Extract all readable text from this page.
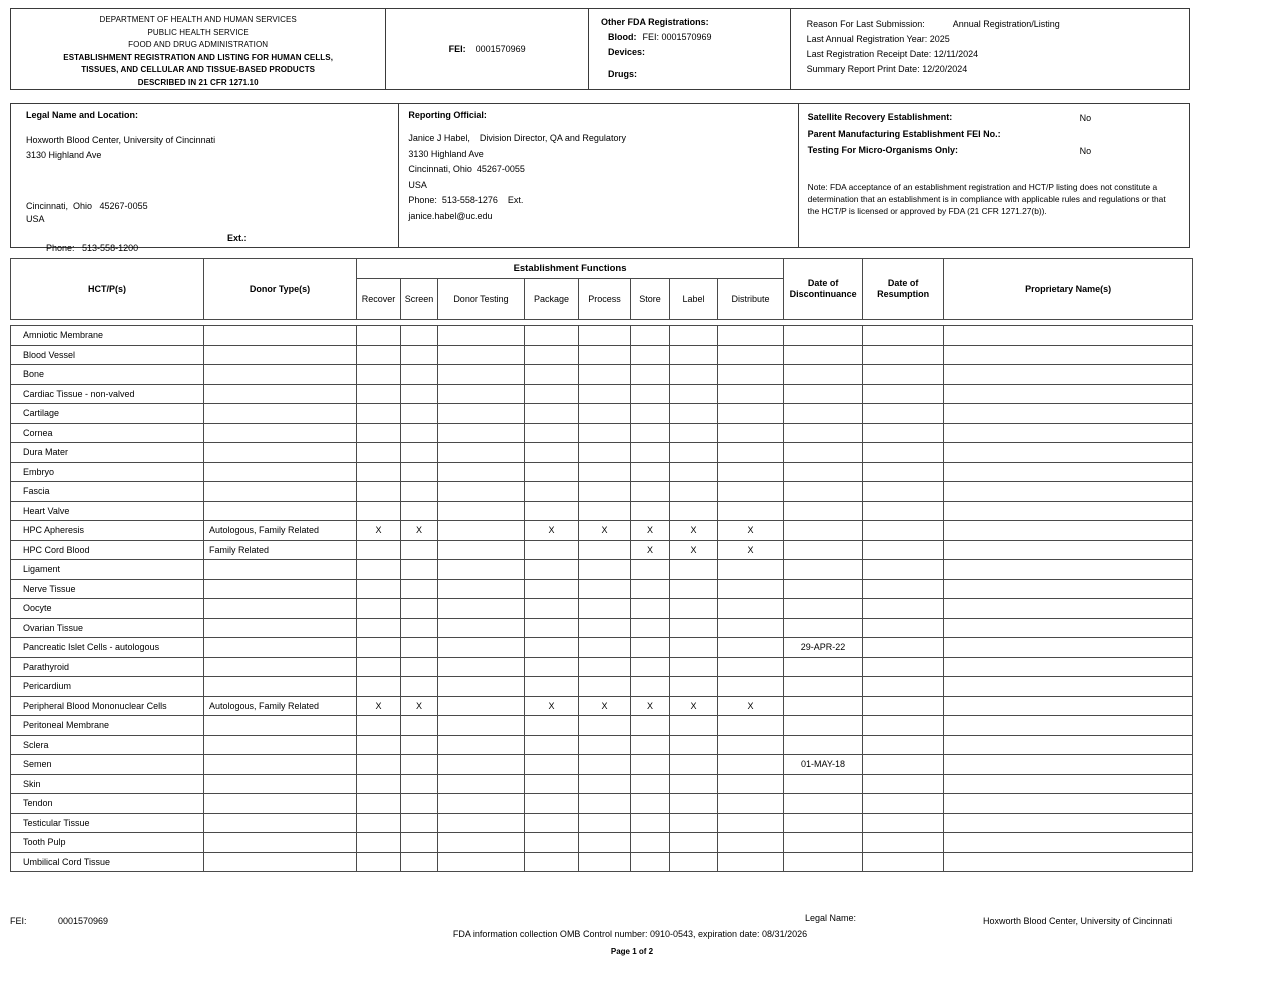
DEPARTMENT OF HEALTH AND HUMAN SERVICES
PUBLIC HEALTH SERVICE
FOOD AND DRUG ADMINISTRATION
ESTABLISHMENT REGISTRATION AND LISTING FOR HUMAN CELLS,
TISSUES, AND CELLULAR AND TISSUE-BASED PRODUCTS
DESCRIBED IN 21 CFR 1271.10
FEI: 0001570969
Other FDA Registrations:
Blood: FEI: 0001570969
Devices:
Drugs:
Reason For Last Submission:	Annual Registration/Listing
Last Annual Registration Year: 2025
Last Registration Receipt Date: 12/11/2024
Summary Report Print Date: 12/20/2024
Legal Name and Location:
Hoxworth Blood Center, University of Cincinnati
3130 Highland Ave
Cincinnati,  Ohio   45267-0055
USA

Phone:   513-558-1200

Ext.:

Reporting Official:
Janice J Habel,    Division Director, QA and Regulatory
3130 Highland Ave
Cincinnati, Ohio  45267-0055
USA
Phone:  513-558-1276    Ext.
janice.habel@uc.edu
Satellite Recovery Establishment:	No
Parent Manufacturing Establishment FEI No.:
Testing For Micro-Organisms Only:	No
Note: FDA acceptance of an establishment registration and HCT/P listing does not constitute a determination that an establishment is in compliance with applicable rules and regulations or that the HCT/P is licensed or approved by FDA (21 CFR 1271.27(b)).
HCT/P(s)	Donor Type(s)	Establishment Functions								Date of Discontinuance	Date of Resumption	Proprietary Name(s)
		Recover	Screen	Donor Testing	Package	Process	Store	Label	Distribute			
Amniotic Membrane												
Blood Vessel												
Bone												
Cardiac Tissue - non-valved												
Cartilage												
Cornea												
Dura Mater												
Embryo												
Fascia												
Heart Valve												
HPC Apheresis	Autologous, Family Related	X	X		X	X	X	X	X			
HPC Cord Blood	Family Related						X	X	X			
Ligament												
Nerve Tissue												
Oocyte												
Ovarian Tissue												
Pancreatic Islet Cells - autologous										29-APR-22		
Parathyroid												
Pericardium												
Peripheral Blood Mononuclear Cells	Autologous, Family Related	X	X		X	X	X	X	X			
Peritoneal Membrane												
Sclera												
Semen										01-MAY-18		
Skin												
Tendon												
Testicular Tissue												
Tooth Pulp												
Umbilical Cord Tissue												
FEI:	0001570969	Legal Name:	Hoxworth Blood Center, University of Cincinnati
FDA information collection OMB Control number: 0910-0543, expiration date: 08/31/2026
Page 1 of 2
